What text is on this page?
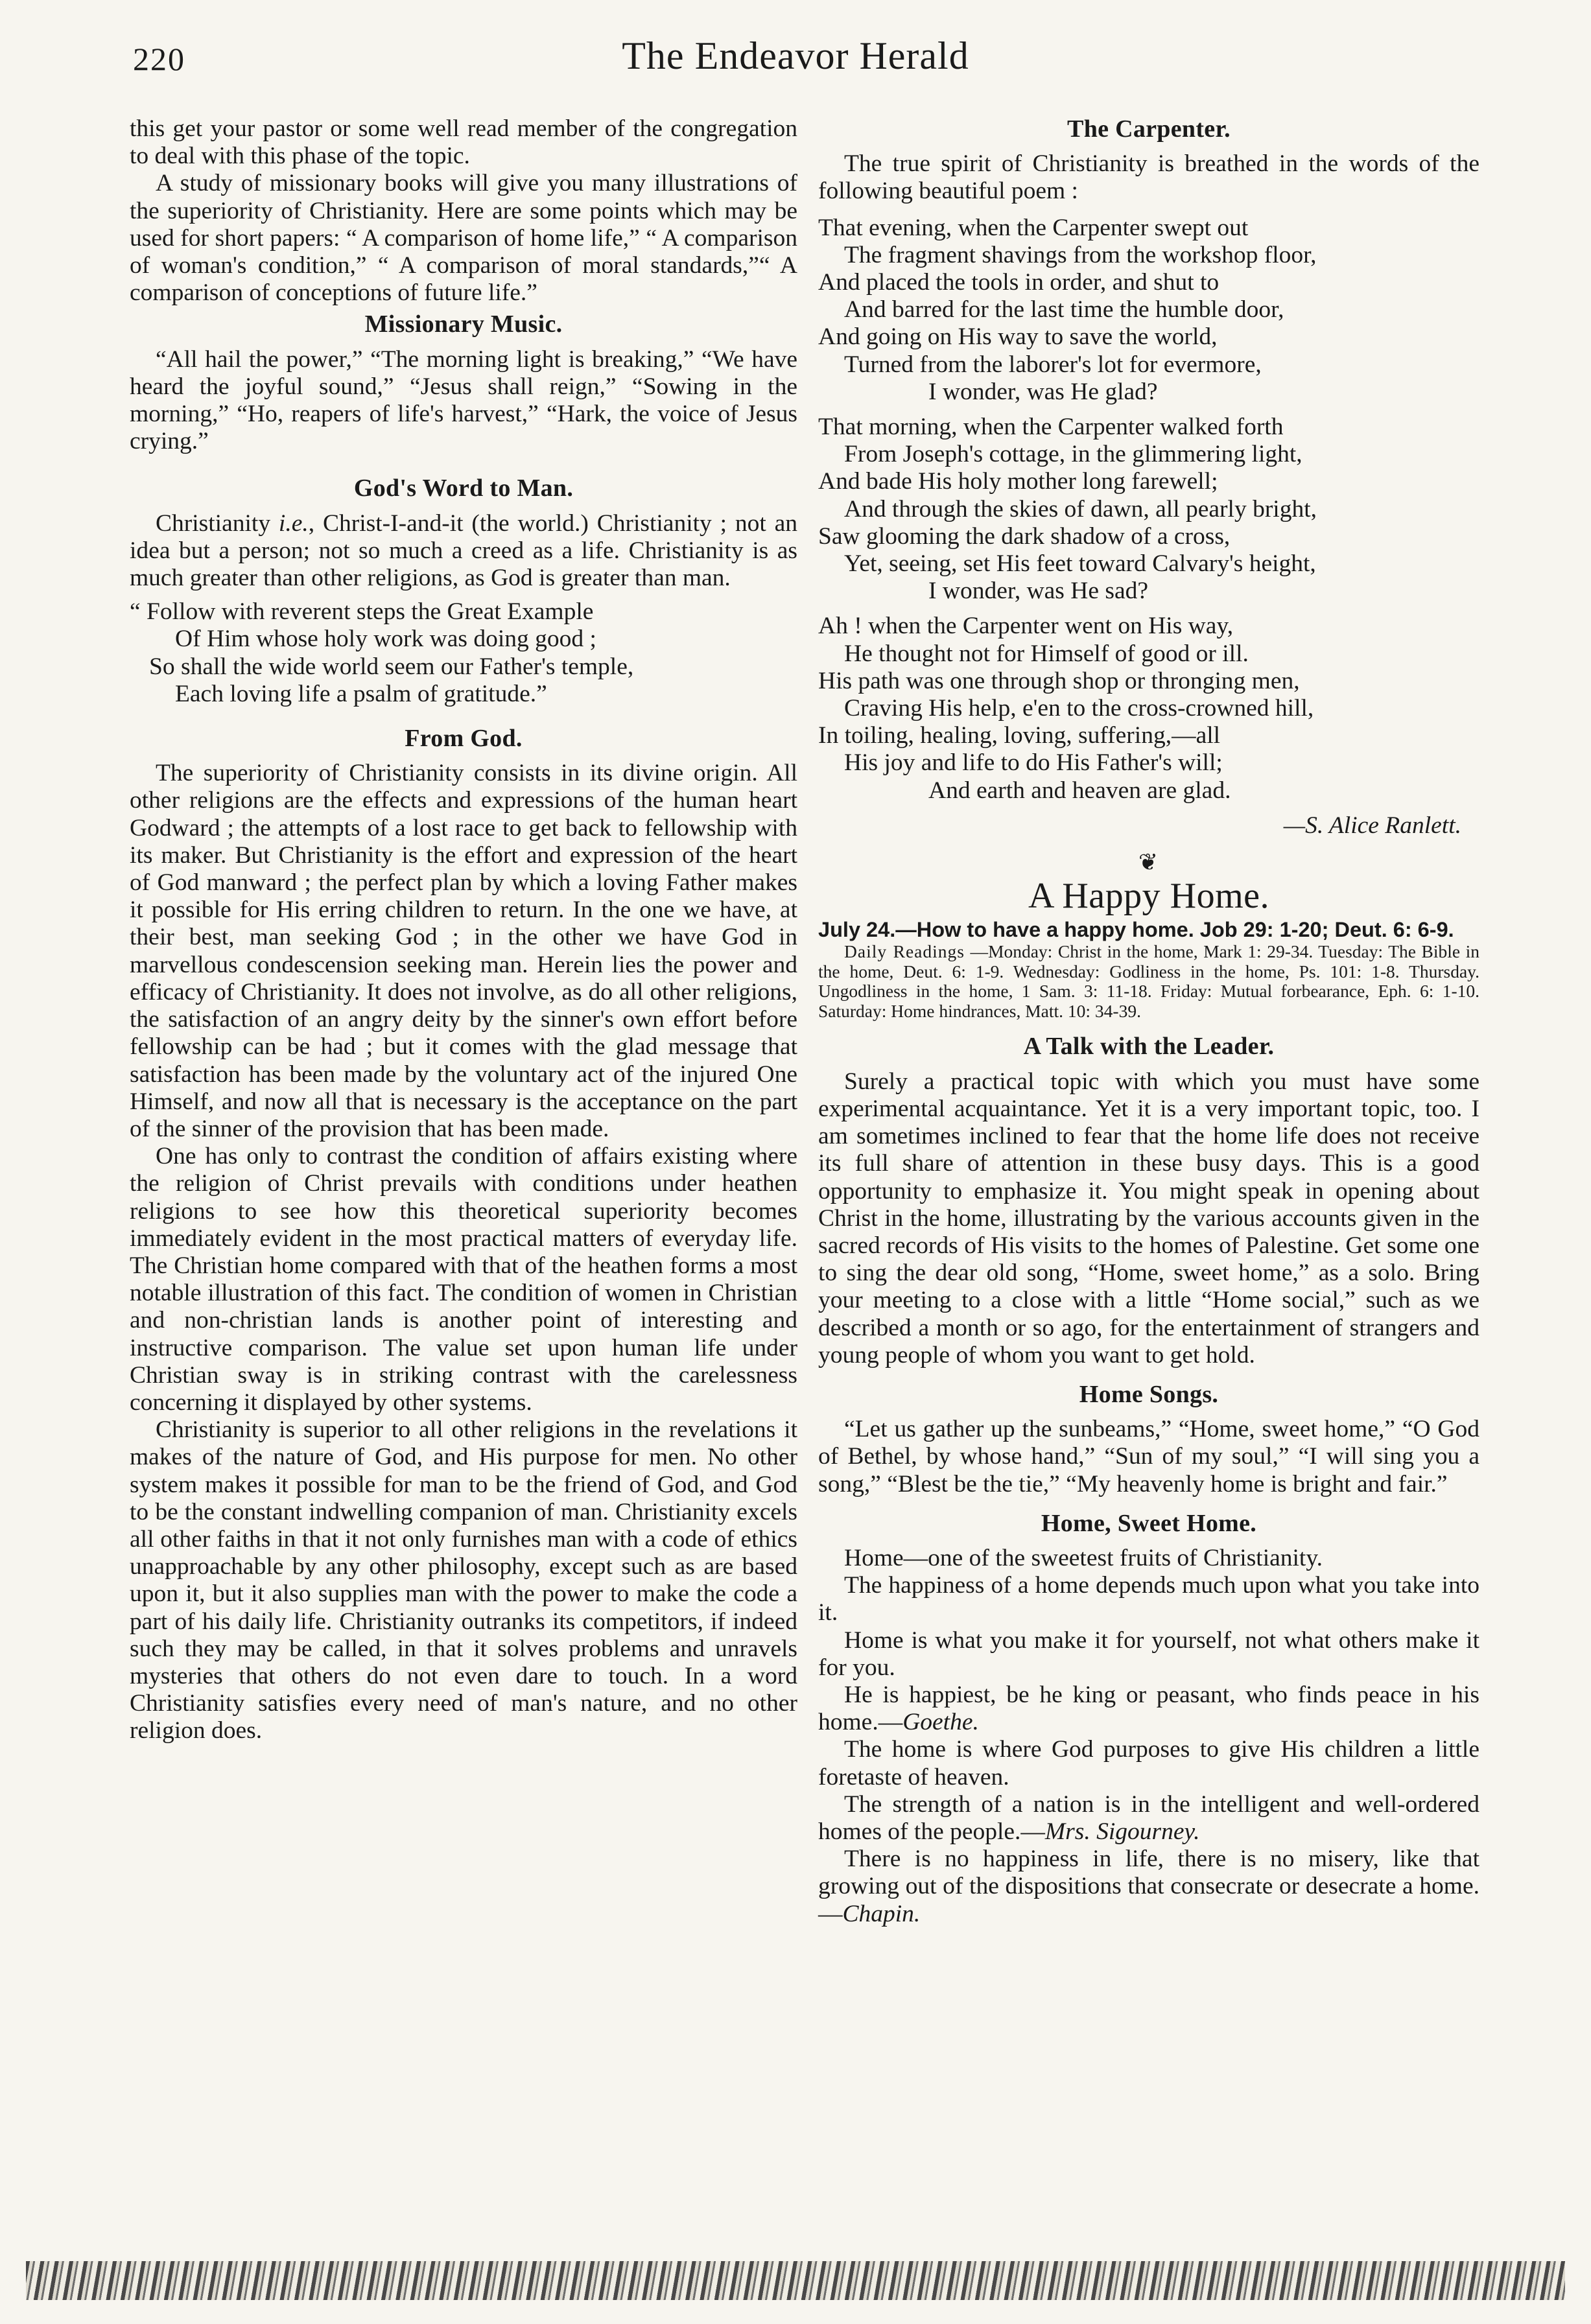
220	The Endeavor Herald

this get your pastor or some well read member of the congregation to deal with this phase of the topic.

A study of missionary books will give you many illustrations of the superiority of Christianity. Here are some points which may be used for short papers: “ A comparison of home life,” “ A comparison of woman's condition,” “ A comparison of moral standards,”“ A comparison of conceptions of future life.”

Missionary Music.

“All hail the power,” “The morning light is breaking,” “We have heard the joyful sound,” “Jesus shall reign,” “Sowing in the morning,” “Ho, reapers of life's harvest,” “Hark, the voice of Jesus crying.”

God's Word to Man.

Christianity i.e., Christ-I-and-it (the world.) Christianity ; not an idea but a person; not so much a creed as a life. Christianity is as much greater than other religions, as God is greater than man.

“ Follow with reverent steps the Great Example
Of Him whose holy work was doing good ;
So shall the wide world seem our Father's temple,
Each loving life a psalm of gratitude.”
From God.

The superiority of Christianity consists in its divine origin. All other religions are the effects and expressions of the human heart Godward ; the attempts of a lost race to get back to fellowship with its maker. But Christianity is the effort and expression of the heart of God manward ; the perfect plan by which a loving Father makes it possible for His erring children to return. In the one we have, at their best, man seeking God ; in the other we have God in marvellous condescension seeking man. Herein lies the power and efficacy of Christianity. It does not involve, as do all other religions, the satisfaction of an angry deity by the sinner's own effort before fellowship can be had ; but it comes with the glad message that satisfaction has been made by the voluntary act of the injured One Himself, and now all that is necessary is the acceptance on the part of the sinner of the provision that has been made.

One has only to contrast the condition of affairs existing where the religion of Christ prevails with conditions under heathen religions to see how this theoretical superiority becomes immediately evident in the most practical matters of everyday life. The Christian home compared with that of the heathen forms a most notable illustration of this fact. The condition of women in Christian and non-christian lands is another point of interesting and instructive comparison. The value set upon human life under Christian sway is in striking contrast with the carelessness concerning it displayed by other systems.

Christianity is superior to all other religions in the revelations it makes of the nature of God, and His purpose for men. No other system makes it possible for man to be the friend of God, and God to be the constant indwelling companion of man. Christianity excels all other faiths in that it not only furnishes man with a code of ethics unapproachable by any other philosophy, except such as are based upon it, but it also supplies man with the power to make the code a part of his daily life. Christianity outranks its competitors, if indeed such they may be called, in that it solves problems and unravels mysteries that others do not even dare to touch. In a word Christianity satisfies every need of man's nature, and no other religion does.

The Carpenter.

The true spirit of Christianity is breathed in the words of the following beautiful poem :

That evening, when the Carpenter swept out
The fragment shavings from the workshop floor,
And placed the tools in order, and shut to
And barred for the last time the humble door,
And going on His way to save the world,
Turned from the laborer's lot for evermore,
I wonder, was He glad?
That morning, when the Carpenter walked forth
From Joseph's cottage, in the glimmering light,
And bade His holy mother long farewell;
And through the skies of dawn, all pearly bright,
Saw glooming the dark shadow of a cross,
Yet, seeing, set His feet toward Calvary's height,
I wonder, was He sad?
Ah ! when the Carpenter went on His way,
He thought not for Himself of good or ill.
His path was one through shop or thronging men,
Craving His help, e'en to the cross-crowned hill,
In toiling, healing, loving, suffering,—all
His joy and life to do His Father's will;
And earth and heaven are glad.
—S. Alice Ranlett.
❦
A Happy Home.

July 24.—How to have a happy home. Job 29: 1-20; Deut. 6: 6-9.

Daily Readings —Monday: Christ in the home, Mark 1: 29-34. Tuesday: The Bible in the home, Deut. 6: 1-9. Wednesday: Godliness in the home, Ps. 101: 1-8. Thursday. Ungodliness in the home, 1 Sam. 3: 11-18. Friday: Mutual forbearance, Eph. 6: 1-10. Saturday: Home hindrances, Matt. 10: 34-39.

A Talk with the Leader.

Surely a practical topic with which you must have some experimental acquaintance. Yet it is a very important topic, too. I am sometimes inclined to fear that the home life does not receive its full share of attention in these busy days. This is a good opportunity to emphasize it. You might speak in opening about Christ in the home, illustrating by the various accounts given in the sacred records of His visits to the homes of Palestine. Get some one to sing the dear old song, “Home, sweet home,” as a solo. Bring your meeting to a close with a little “Home social,” such as we described a month or so ago, for the entertainment of strangers and young people of whom you want to get hold.

Home Songs.

“Let us gather up the sunbeams,” “Home, sweet home,” “O God of Bethel, by whose hand,” “Sun of my soul,” “I will sing you a song,” “Blest be the tie,” “My heavenly home is bright and fair.”

Home, Sweet Home.

Home—one of the sweetest fruits of Christianity.

The happiness of a home depends much upon what you take into it.

Home is what you make it for yourself, not what others make it for you.

He is happiest, be he king or peasant, who finds peace in his home.—Goethe.

The home is where God purposes to give His children a little foretaste of heaven.

The strength of a nation is in the intelligent and well-ordered homes of the people.—Mrs. Sigourney.

There is no happiness in life, there is no misery, like that growing out of the dispositions that consecrate or desecrate a home.—Chapin.
